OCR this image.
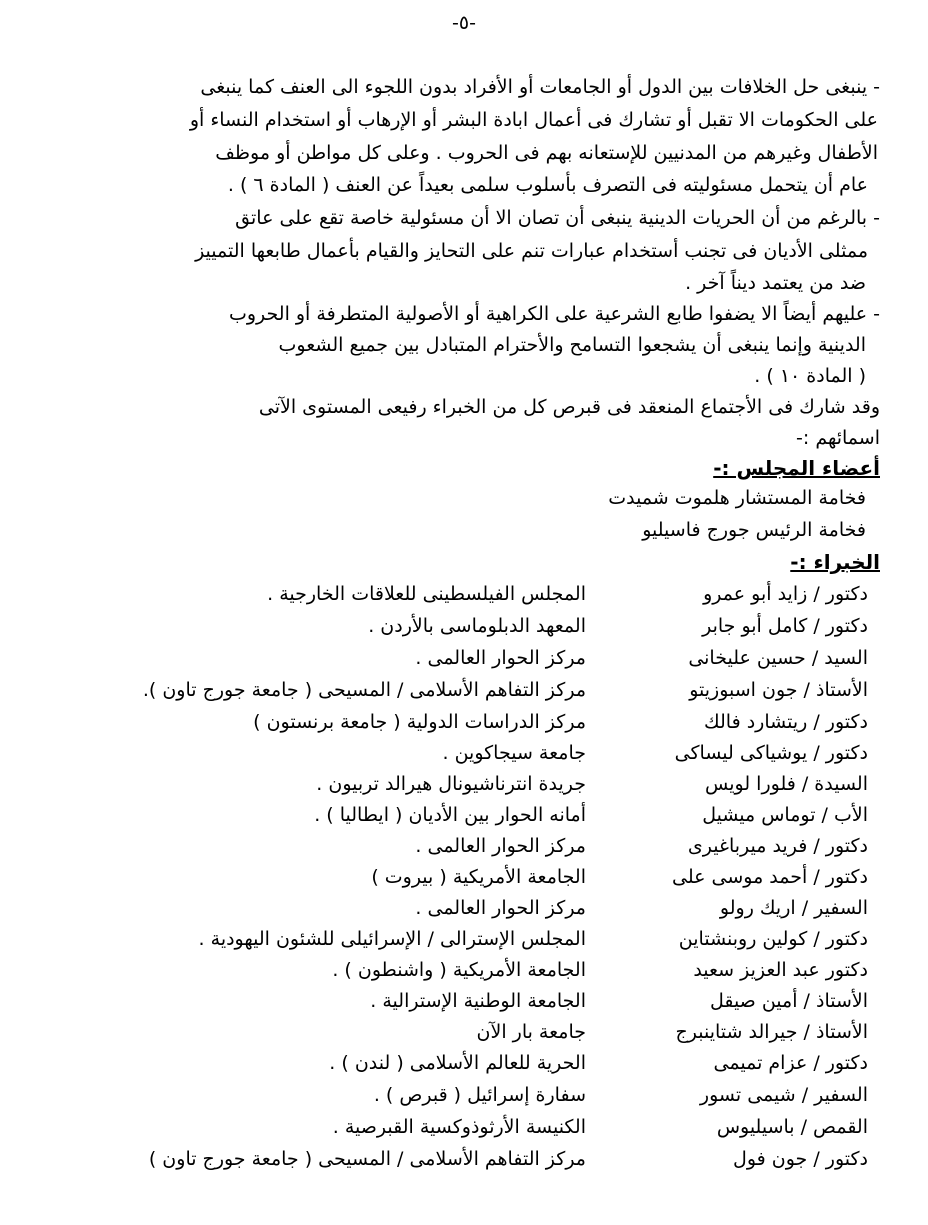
-٥-
- ينبغى حل الخلافات بين الدول أو الجامعات أو الأفراد بدون اللجوء الى العنف كما ينبغى
على الحكومات الا تقبل أو تشارك فى أعمال ابادة البشر أو الإرهاب أو استخدام النساء أو
الأطفال وغيرهم من المدنيين للإستعانه بهم فى الحروب . وعلى كل مواطن أو موظف
عام أن يتحمل مسئوليته فى التصرف بأسلوب سلمى بعيداً عن العنف ( المادة ٦ ) .
- بالرغم من أن الحريات الدينية ينبغى أن تصان الا أن مسئولية خاصة تقع على عاتق
ممثلى الأديان فى تجنب أستخدام عبارات تنم على التحايز والقيام بأعمال طابعها التمييز
ضد من يعتمد ديناً آخر .
- عليهم أيضاً الا يضفوا طابع الشرعية على الكراهية أو الأصولية المتطرفة أو الحروب
الدينية وإنما ينبغى أن يشجعوا التسامح والأحترام المتبادل بين جميع الشعوب
( المادة ١٠ ) .
وقد شارك فى الأجتماع المنعقد فى قبرص كل من الخبراء رفيعى المستوى الآتى
اسمائهم :-
أعضاء المجلس :-
فخامة المستشار هلموت شميدت
فخامة الرئيس جورج فاسيليو
الخبراء :-
دكتور / زايد أبو عمرو
المجلس الفيلسطينى للعلاقات الخارجية .
دكتور / كامل أبو جابر
المعهد الدبلوماسى بالأردن .
السيد / حسين عليخانى
مركز الحوار العالمى .
الأستاذ / جون اسبوزيتو
مركز التفاهم الأسلامى / المسيحى ( جامعة جورج تاون ).
دكتور / ريتشارد فالك
مركز الدراسات الدولية ( جامعة برنستون )
دكتور / يوشياكى ليساكى
جامعة سيجاكوين .
السيدة / فلورا لويس
جريدة انترناشيونال هيرالد تربيون .
الأب / توماس ميشيل
أمانه الحوار بين الأديان ( ايطاليا ) .
دكتور / فريد ميرباغيرى
مركز الحوار العالمى .
دكتور / أحمد موسى على
الجامعة الأمريكية ( بيروت )
السفير / اريك رولو
مركز الحوار العالمى .
دكتور / كولين روبنشتاين
المجلس الإسترالى / الإسرائيلى للشئون اليهودية .
دكتور عبد العزيز سعيد
الجامعة الأمريكية ( واشنطون ) .
الأستاذ / أمين صيقل
الجامعة الوطنية الإسترالية .
الأستاذ / جيرالد شتاينبرج
جامعة بار الآن
دكتور / عزام تميمى
الحرية للعالم الأسلامى ( لندن ) .
السفير / شيمى تسور
سفارة إسرائيل ( قبرص ) .
القمص / باسيليوس
الكنيسة الأرثوذوكسية القبرصية .
دكتور / جون فول
مركز التفاهم الأسلامى / المسيحى ( جامعة جورج تاون )
